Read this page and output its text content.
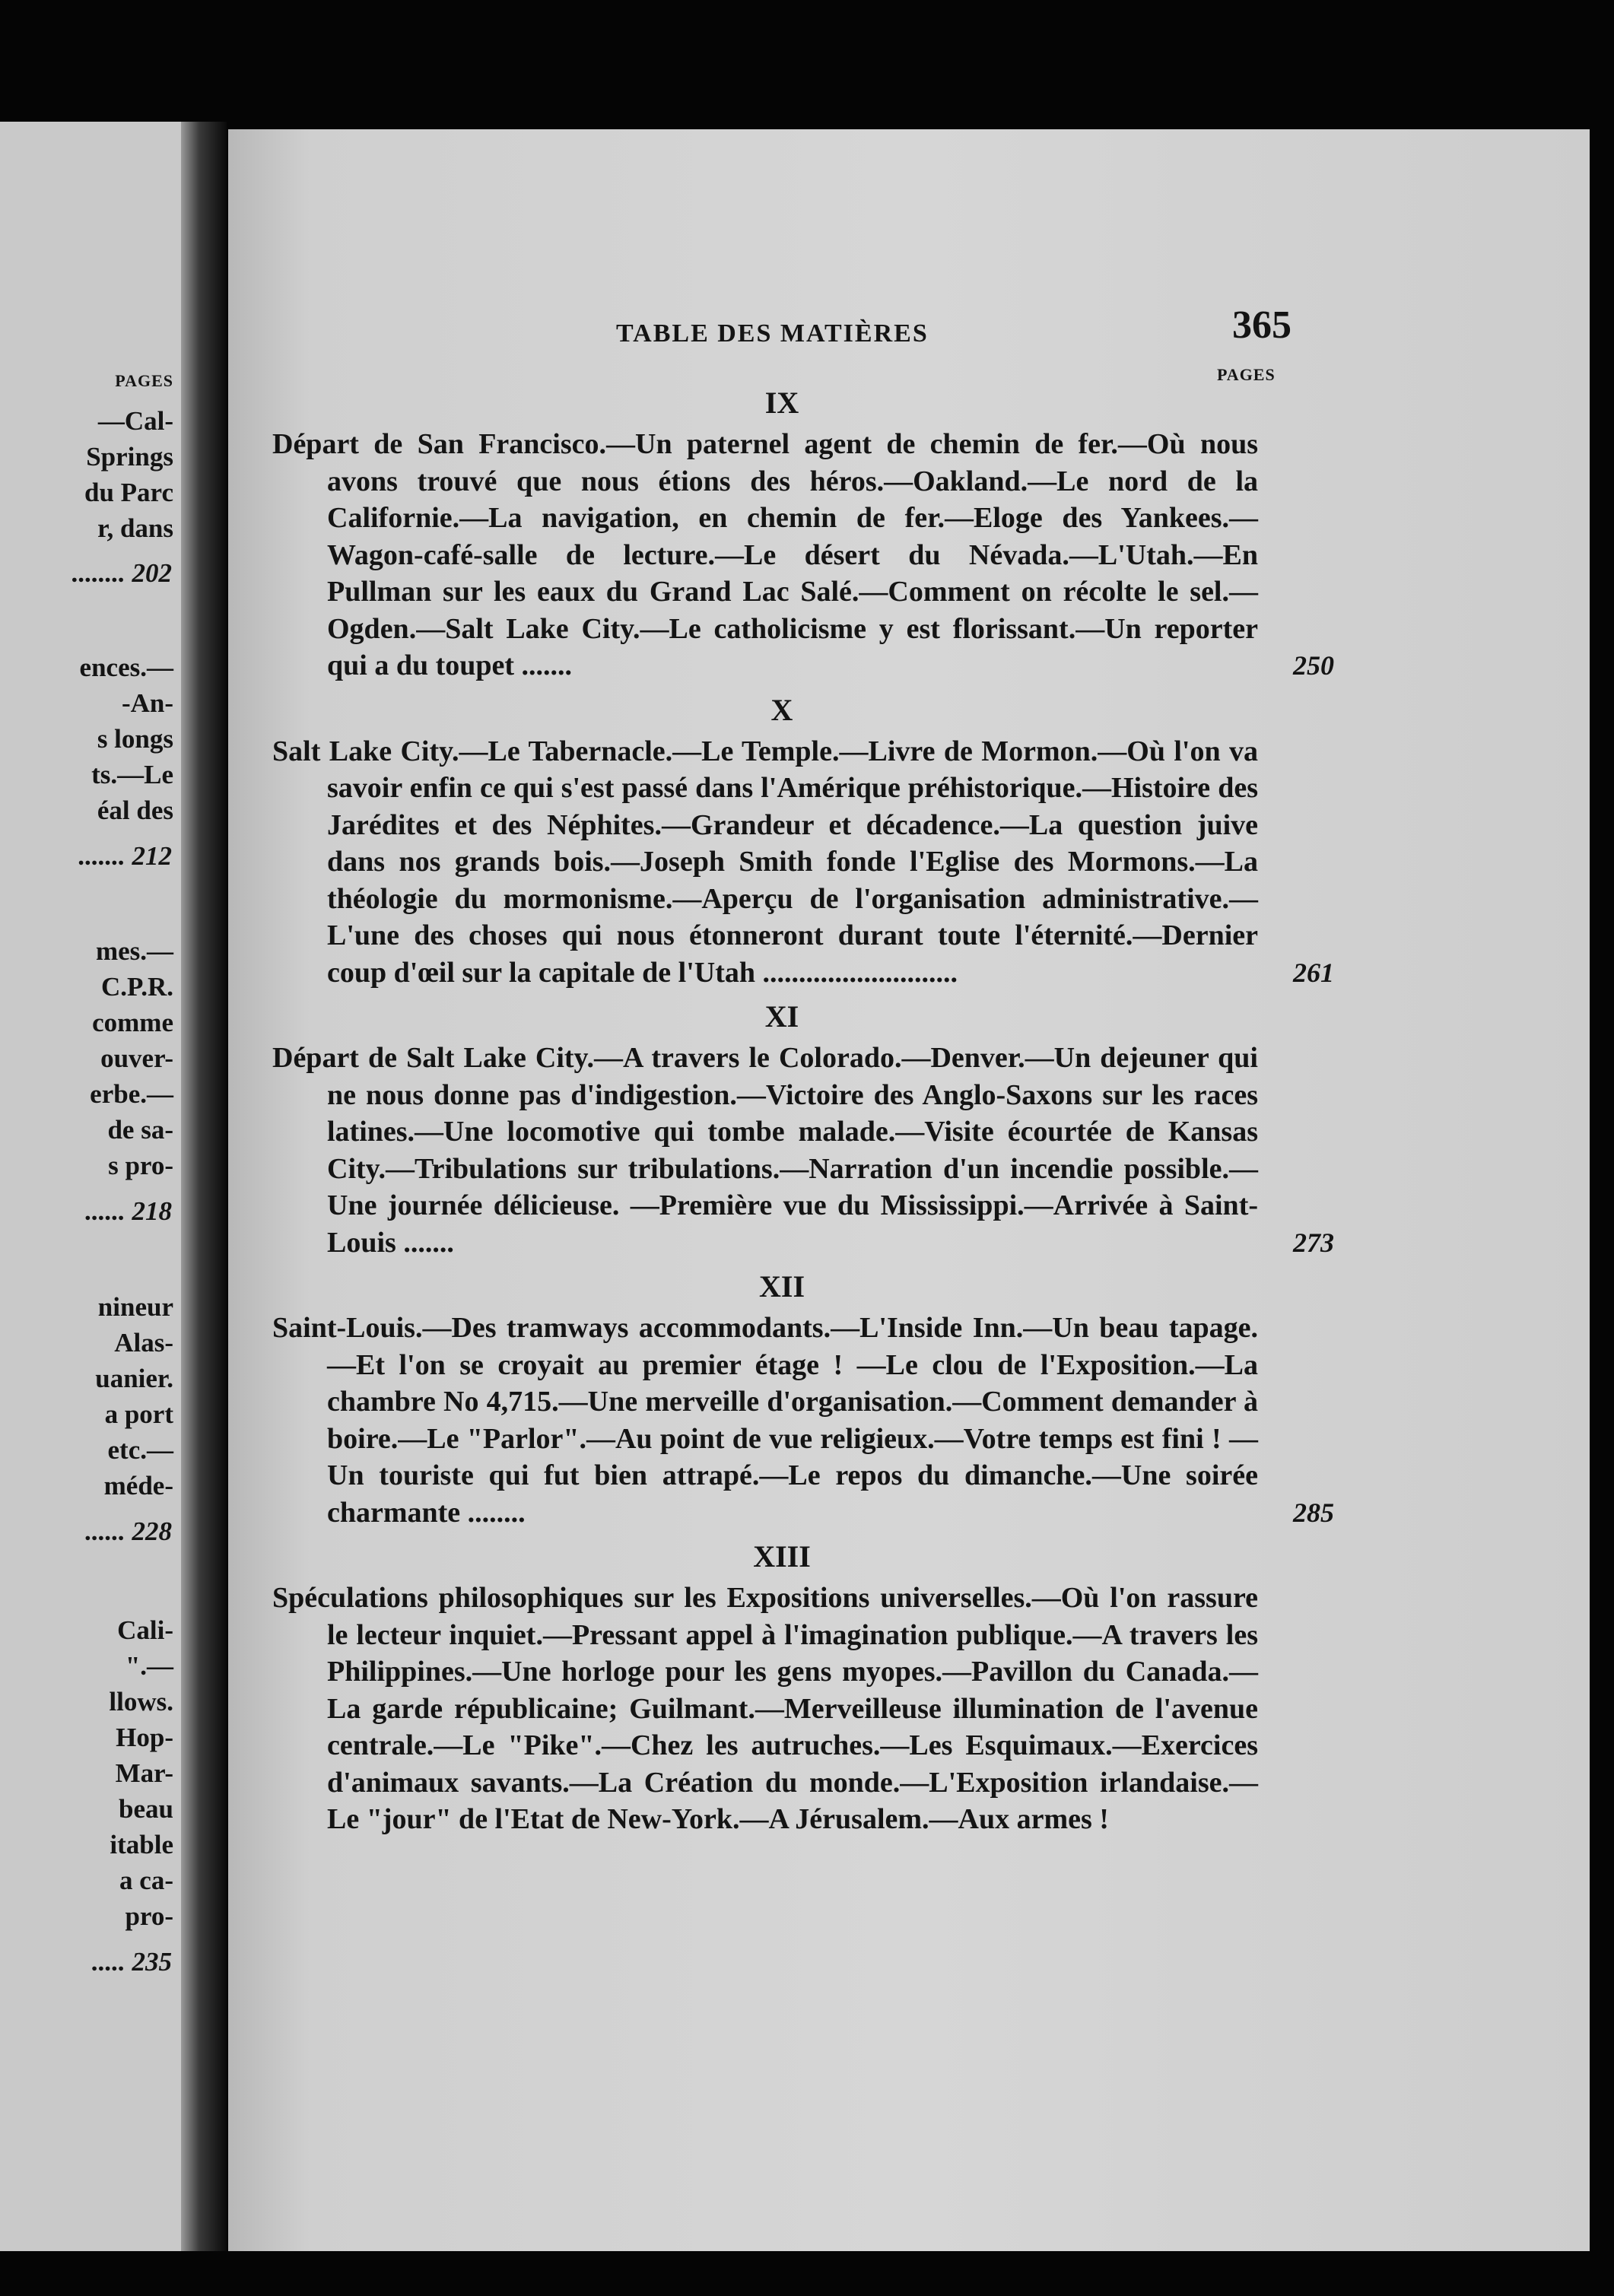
PAGES
—Cal-
Springs
du Parc
r, dans
........ 202
ences.—
-An-
s longs
ts.—Le
éal des
....... 212
mes.—
C.P.R.
comme
ouver-
erbe.—
de sa-
s pro-
...... 218
nineur
Alas-
uanier.
a port
etc.—
méde-
...... 228
Cali-
".—
llows.
Hop-
Mar-
beau
itable
a ca-
pro-
..... 235
TABLE DES MATIÈRES	365
PAGES
IX
Départ de San Francisco.—Un paternel agent de chemin de fer.—Où nous avons trouvé que nous étions des héros.—Oakland.—Le nord de la Californie.—La navigation, en chemin de fer.—Eloge des Yankees.—Wagon-café-salle de lecture.—Le désert du Névada.—L'Utah.—En Pullman sur les eaux du Grand Lac Salé.—Comment on récolte le sel.—Ogden.—Salt Lake City.—Le catholicisme y est florissant.—Un reporter qui a du toupet .......	250
X
Salt Lake City.—Le Tabernacle.—Le Temple.—Livre de Mormon.—Où l'on va savoir enfin ce qui s'est passé dans l'Amérique préhistorique.—Histoire des Jarédites et des Néphites.—Grandeur et décadence.—La question juive dans nos grands bois.—Joseph Smith fonde l'Eglise des Mormons.—La théologie du mormonisme.—Aperçu de l'organisation administrative.—L'une des choses qui nous étonneront durant toute l'éternité.—Dernier coup d'œil sur la capitale de l'Utah ...........................	261
XI
Départ de Salt Lake City.—A travers le Colorado.—Denver.—Un dejeuner qui ne nous donne pas d'indigestion.—Victoire des Anglo-Saxons sur les races latines.—Une locomotive qui tombe malade.—Visite écourtée de Kansas City.—Tribulations sur tribulations.—Narration d'un incendie possible.—Une journée délicieuse. —Première vue du Mississippi.—Arrivée à Saint-Louis .......	273
XII
Saint-Louis.—Des tramways accommodants.—L'Inside Inn.—Un beau tapage.—Et l'on se croyait au premier étage ! —Le clou de l'Exposition.—La chambre No 4,715.—Une merveille d'organisation.—Comment demander à boire.—Le "Parlor".—Au point de vue religieux.—Votre temps est fini ! —Un touriste qui fut bien attrapé.—Le repos du dimanche.—Une soirée charmante ........	285
XIII
Spéculations philosophiques sur les Expositions universelles.—Où l'on rassure le lecteur inquiet.—Pressant appel à l'imagination publique.—A travers les Philippines.—Une horloge pour les gens myopes.—Pavillon du Canada.—La garde républicaine; Guilmant.—Merveilleuse illumination de l'avenue centrale.—Le "Pike".—Chez les autruches.—Les Esquimaux.—Exercices d'animaux savants.—La Création du monde.—L'Exposition irlandaise.—Le "jour" de l'Etat de New-York.—A Jérusalem.—Aux armes !
